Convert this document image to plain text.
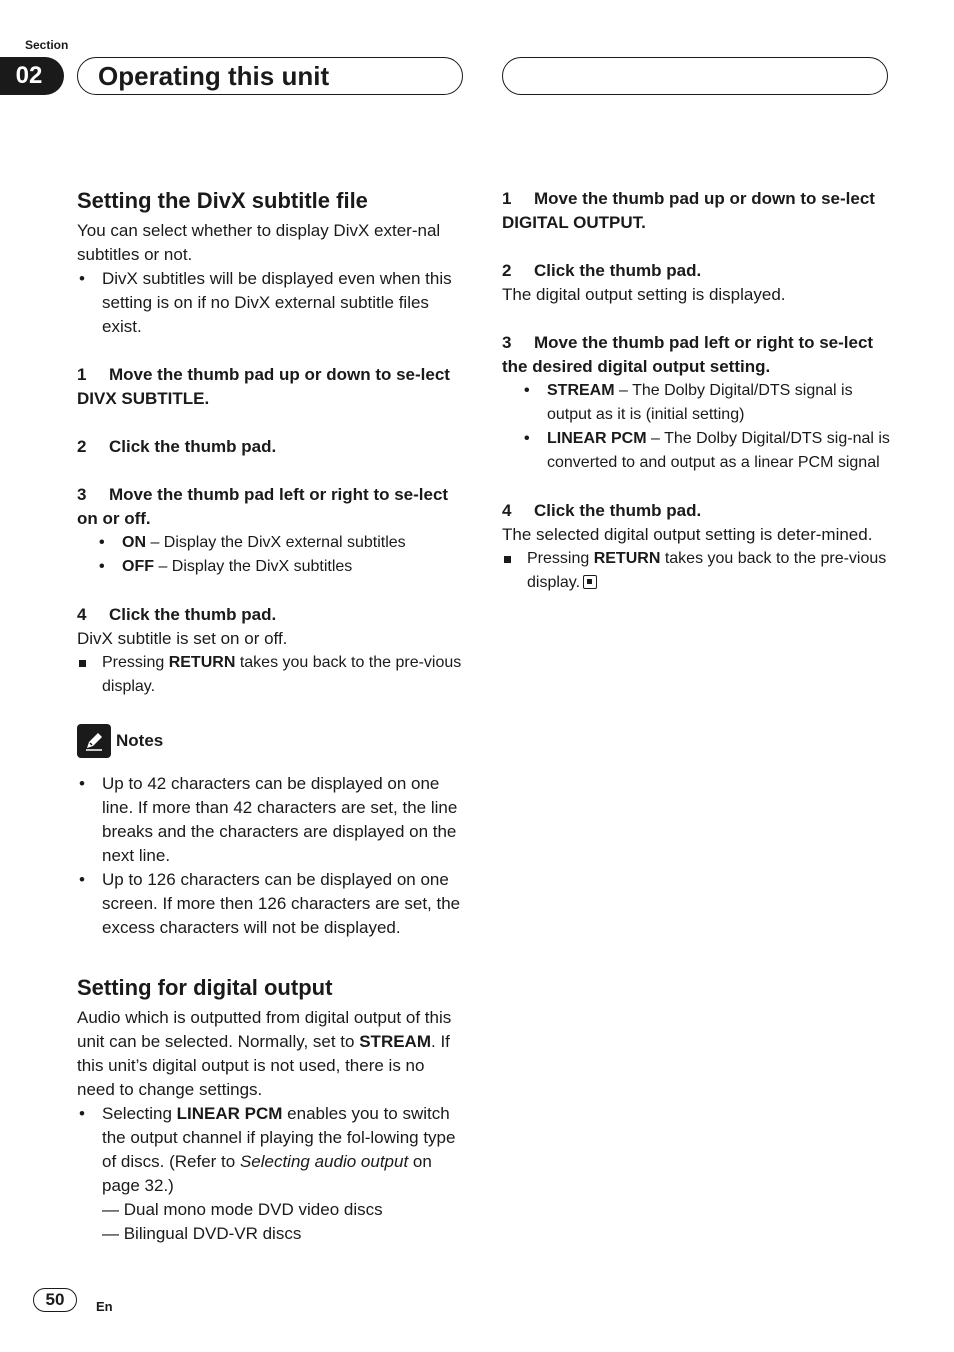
Section
02	Operating this unit
Setting the DivX subtitle file

You can select whether to display DivX exter-nal subtitles or not.

• DivX subtitles will be displayed even when this setting is on if no DivX external subtitle files exist.

1 Move the thumb pad up or down to se-lect DIVX SUBTITLE.

2 Click the thumb pad.

3 Move the thumb pad left or right to se-lect on or off.

• ON – Display the DivX external subtitles

• OFF – Display the DivX subtitles

4 Click the thumb pad.

DivX subtitle is set on or off.

Pressing RETURN takes you back to the pre-vious display.

Notes

• Up to 42 characters can be displayed on one line. If more than 42 characters are set, the line breaks and the characters are displayed on the next line.

• Up to 126 characters can be displayed on one screen. If more then 126 characters are set, the excess characters will not be displayed.

Setting for digital output

Audio which is outputted from digital output of this unit can be selected. Normally, set to STREAM. If this unit’s digital output is not used, there is no need to change settings.

• Selecting LINEAR PCM enables you to switch the output channel if playing the fol-lowing type of discs. (Refer to Selecting audio output on page 32.)

— Dual mono mode DVD video discs

— Bilingual DVD-VR discs

1 Move the thumb pad up or down to se-lect DIGITAL OUTPUT.

2 Click the thumb pad.

The digital output setting is displayed.

3 Move the thumb pad left or right to se-lect the desired digital output setting.

• STREAM – The Dolby Digital/DTS signal is output as it is (initial setting)

• LINEAR PCM – The Dolby Digital/DTS sig-nal is converted to and output as a linear PCM signal

4 Click the thumb pad.

The selected digital output setting is deter-mined.

Pressing RETURN takes you back to the pre-vious display.

50	En
